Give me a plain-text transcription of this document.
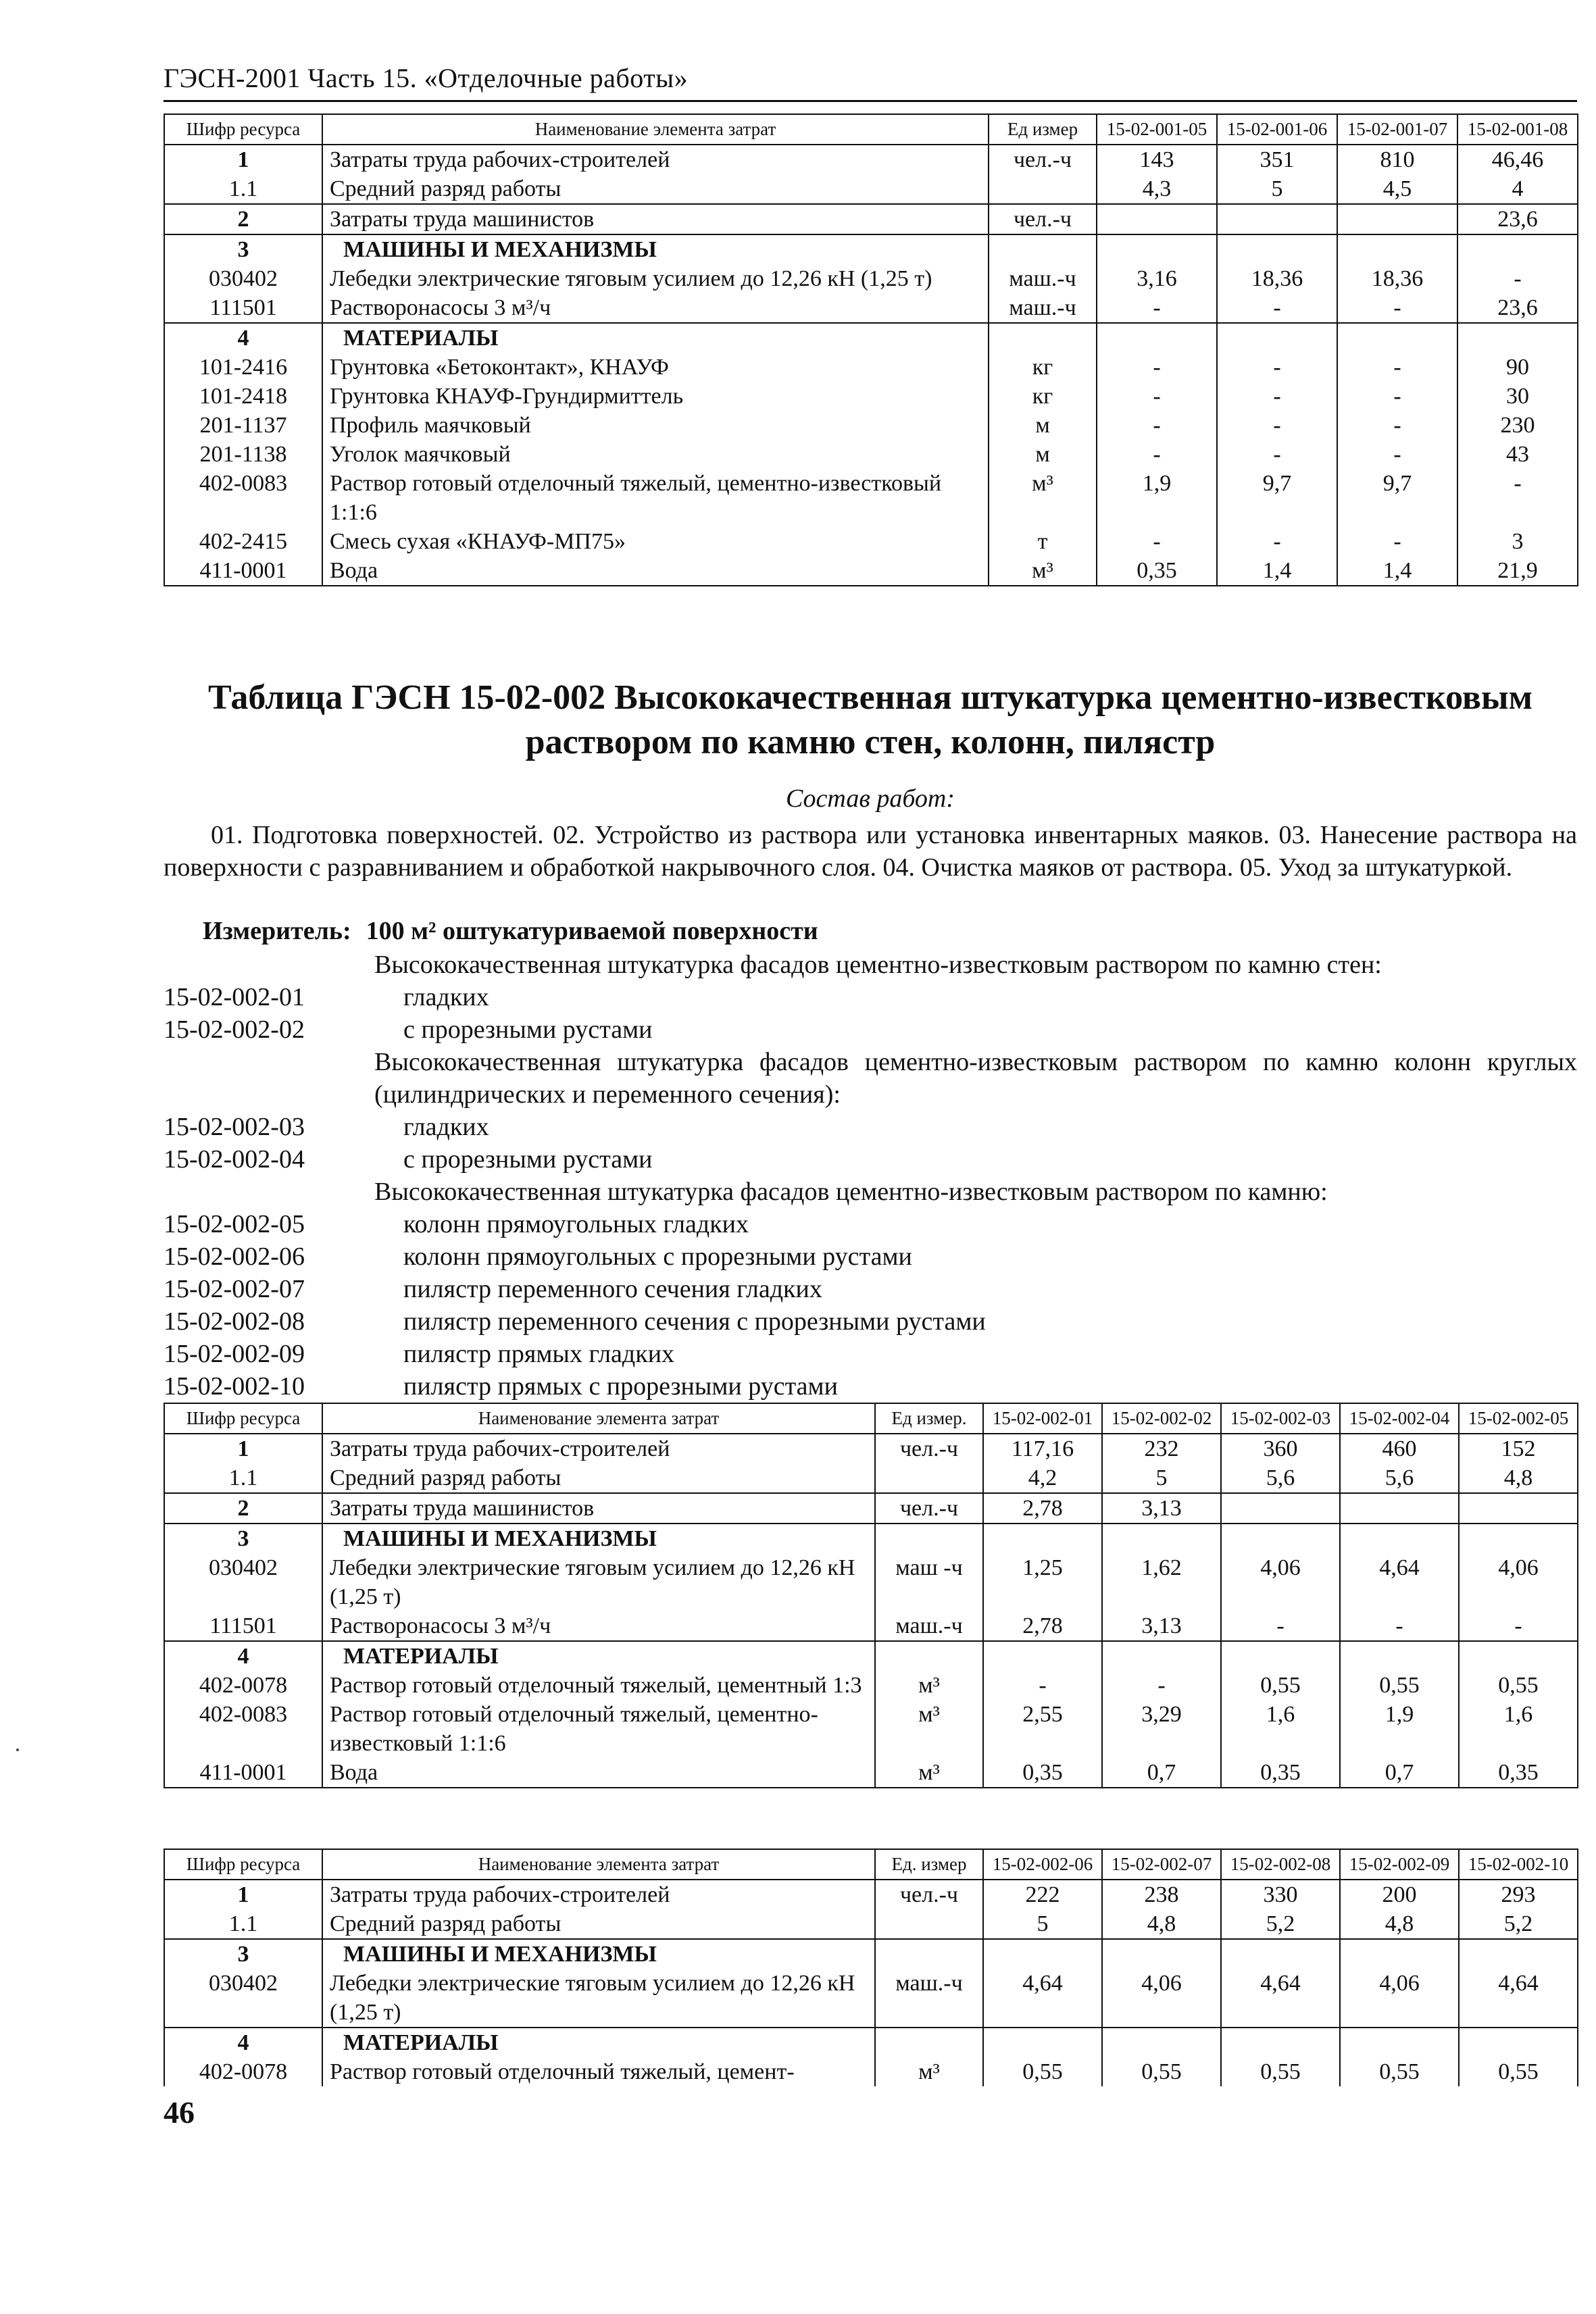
ГЭСН-2001 Часть 15. «Отделочные работы»
Шифр ресурса	Наименование элемента затрат	Ед измер	15-02-001-05	15-02-001-06	15-02-001-07	15-02-001-08
1	Затраты труда рабочих-строителей	чел.-ч	143	351	810	46,46
1.1	Средний разряд работы		4,3	5	4,5	4
2	Затраты труда машинистов	чел.-ч				23,6
3	МАШИНЫ И МЕХАНИЗМЫ					
030402	Лебедки электрические тяговым усилием до 12,26 кН (1,25 т)	маш.-ч	3,16	18,36	18,36	-
111501	Растворонасосы 3 м³/ч	маш.-ч	-	-	-	23,6
4	МАТЕРИАЛЫ					
101-2416	Грунтовка «Бетоконтакт», КНАУФ	кг	-	-	-	90
101-2418	Грунтовка КНАУФ-Грундирмиттель	кг	-	-	-	30
201-1137	Профиль маячковый	м	-	-	-	230
201-1138	Уголок маячковый	м	-	-	-	43
402-0083	Раствор готовый отделочный тяжелый, цементно-известковый 1:1:6	м³	1,9	9,7	9,7	-
402-2415	Смесь сухая «КНАУФ-МП75»	т	-	-	-	3
411-0001	Вода	м³	0,35	1,4	1,4	21,9
Таблица ГЭСН 15-02-002 Высококачественная штукатурка цементно-известковым раствором по камню стен, колонн, пилястр
Состав работ:

01. Подготовка поверхностей. 02. Устройство из раствора или установка инвентарных маяков. 03. Нанесение раствора на поверхности с разравниванием и обработкой накрывочного слоя. 04. Очистка маяков от раствора. 05. Уход за штукатуркой.

Измеритель: 100 м² оштукатуриваемой поверхности
Высококачественная штукатурка фасадов цементно-известковым раствором по камню стен:
15-02-002-01	гладких
15-02-002-02	с прорезными рустами
Высококачественная штукатурка фасадов цементно-известковым раствором по камню колонн круглых (цилиндрических и переменного сечения):
15-02-002-03	гладких
15-02-002-04	с прорезными рустами
Высококачественная штукатурка фасадов цементно-известковым раствором по камню:
15-02-002-05	колонн прямоугольных гладких
15-02-002-06	колонн прямоугольных с прорезными рустами
15-02-002-07	пилястр переменного сечения гладких
15-02-002-08	пилястр переменного сечения с прорезными рустами
15-02-002-09	пилястр прямых гладких
15-02-002-10	пилястр прямых с прорезными рустами
Шифр ресурса	Наименование элемента затрат	Ед измер.	15-02-002-01	15-02-002-02	15-02-002-03	15-02-002-04	15-02-002-05
1	Затраты труда рабочих-строителей	чел.-ч	117,16	232	360	460	152
1.1	Средний разряд работы		4,2	5	5,6	5,6	4,8
2	Затраты труда машинистов	чел.-ч	2,78	3,13			
3	МАШИНЫ И МЕХАНИЗМЫ						
030402	Лебедки электрические тяговым усилием до 12,26 кН (1,25 т)	маш -ч	1,25	1,62	4,06	4,64	4,06
111501	Растворонасосы 3 м³/ч	маш.-ч	2,78	3,13	-	-	-
4	МАТЕРИАЛЫ						
402-0078	Раствор готовый отделочный тяжелый, цементный 1:3	м³	-	-	0,55	0,55	0,55
402-0083	Раствор готовый отделочный тяжелый, цементно-известковый 1:1:6	м³	2,55	3,29	1,6	1,9	1,6
411-0001	Вода	м³	0,35	0,7	0,35	0,7	0,35
Шифр ресурса	Наименование элемента затрат	Ед. измер	15-02-002-06	15-02-002-07	15-02-002-08	15-02-002-09	15-02-002-10
1	Затраты труда рабочих-строителей	чел.-ч	222	238	330	200	293
1.1	Средний разряд работы		5	4,8	5,2	4,8	5,2
3	МАШИНЫ И МЕХАНИЗМЫ						
030402	Лебедки электрические тяговым усилием до 12,26 кН (1,25 т)	маш.-ч	4,64	4,06	4,64	4,06	4,64
4	МАТЕРИАЛЫ						
402-0078	Раствор готовый отделочный тяжелый, цемент-	м³	0,55	0,55	0,55	0,55	0,55
46
